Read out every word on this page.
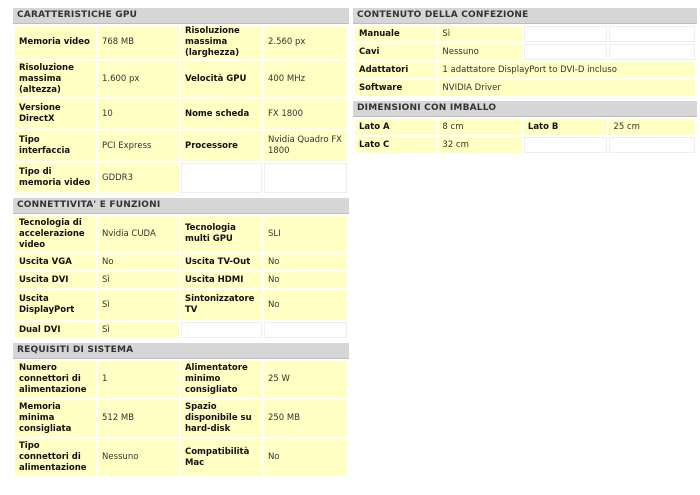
CARATTERISTICHE GPU
Memoria video	768 MB	Risoluzione massima (larghezza)	2.560 px
Risoluzione massima (altezza)	1.600 px	Velocità GPU	400 MHz
Versione DirectX	10	Nome scheda	FX 1800
Tipo interfaccia	PCI Express	Processore	Nvidia Quadro FX 1800
Tipo di memoria video	GDDR3		
CONNETTIVITA' E FUNZIONI
Tecnologia di accelerazione video	Nvidia CUDA	Tecnologia multi GPU	SLI
Uscita VGA	No	Uscita TV-Out	No
Uscita DVI	Sì	Uscita HDMI	No
Uscita DisplayPort	Sì	Sintonizzatore TV	No
Dual DVI	Sì		
REQUISITI DI SISTEMA
Numero connettori di alimentazione	1	Alimentatore minimo consigliato	25 W
Memoria minima consigliata	512 MB	Spazio disponibile su hard-disk	250 MB
Tipo connettori di alimentazione	Nessuno	Compatibilità Mac	No
CONTENUTO DELLA CONFEZIONE
Manuale	Sì		
Cavi	Nessuno		
Adattatori	1 adattatore DisplayPort to DVI-D incluso		
Software	NVIDIA Driver		
DIMENSIONI CON IMBALLO
Lato A	8 cm	Lato B	25 cm
Lato C	32 cm		
